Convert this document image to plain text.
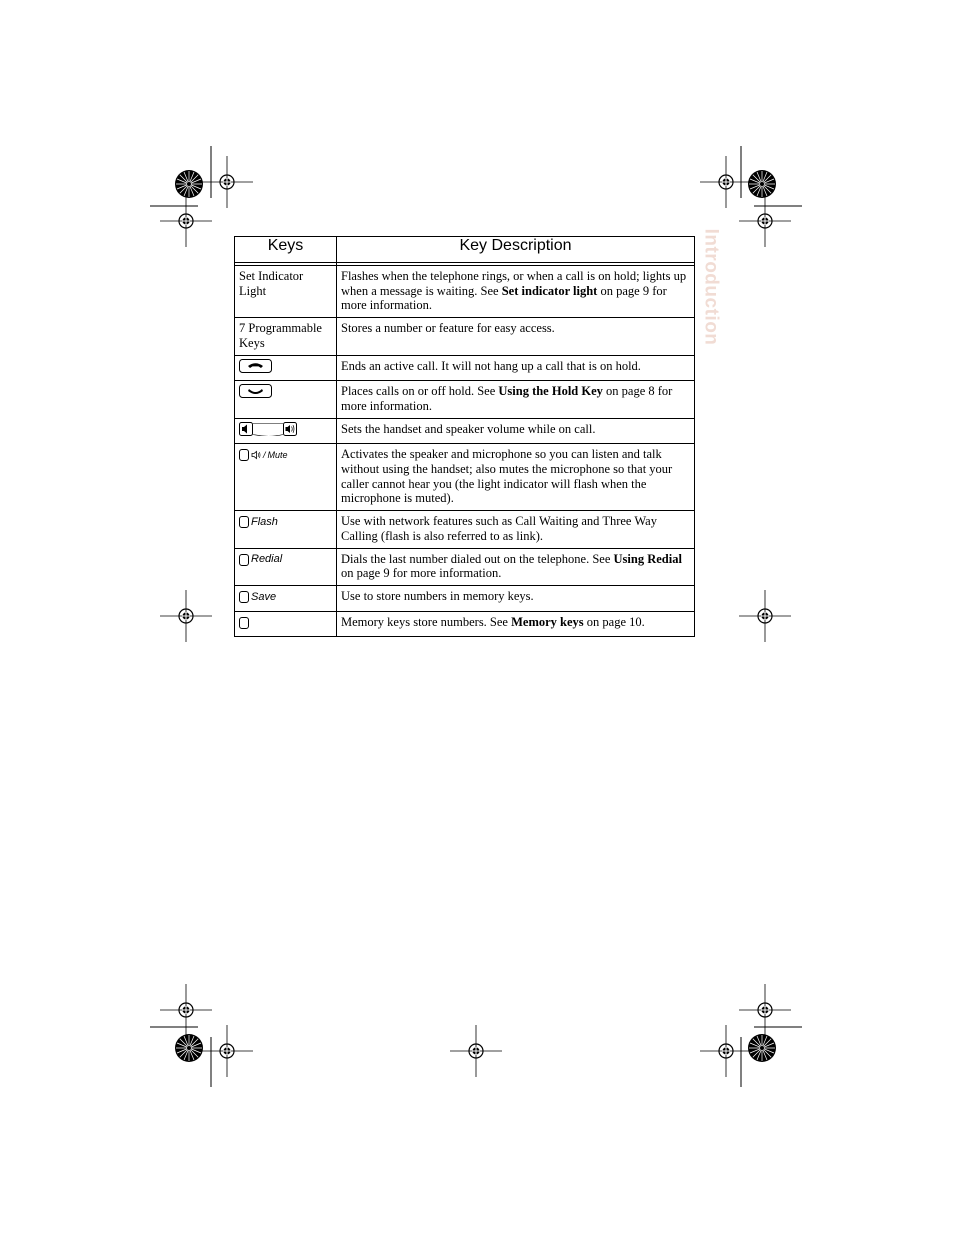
Introduction
Keys	Key Description

Set Indicator Light	Flashes when the telephone rings, or when a call is on hold; lights up when a message is waiting. See Set indicator light on page 9 for more information.
7 Programmable Keys	Stores a number or feature for easy access.
	Ends an active call. It will not hang up a call that is on hold.
	Places calls on or off hold. See Using the Hold Key on page 8 for more information.
	Sets the handset and speaker volume while on call.

/ Mute	Activates the speaker and microphone so you can listen and talk without using the handset; also mutes the microphone so that your caller cannot hear you (the light indicator will flash when the microphone is muted).

Flash	Use with network features such as Call Waiting and Three Way Calling (flash is also referred to as link).

Redial	Dials the last number dialed out on the telephone. See Using Redial on page 9 for more information.

Save	Use to store numbers in memory keys.

	Memory keys store numbers. See Memory keys on page 10.
